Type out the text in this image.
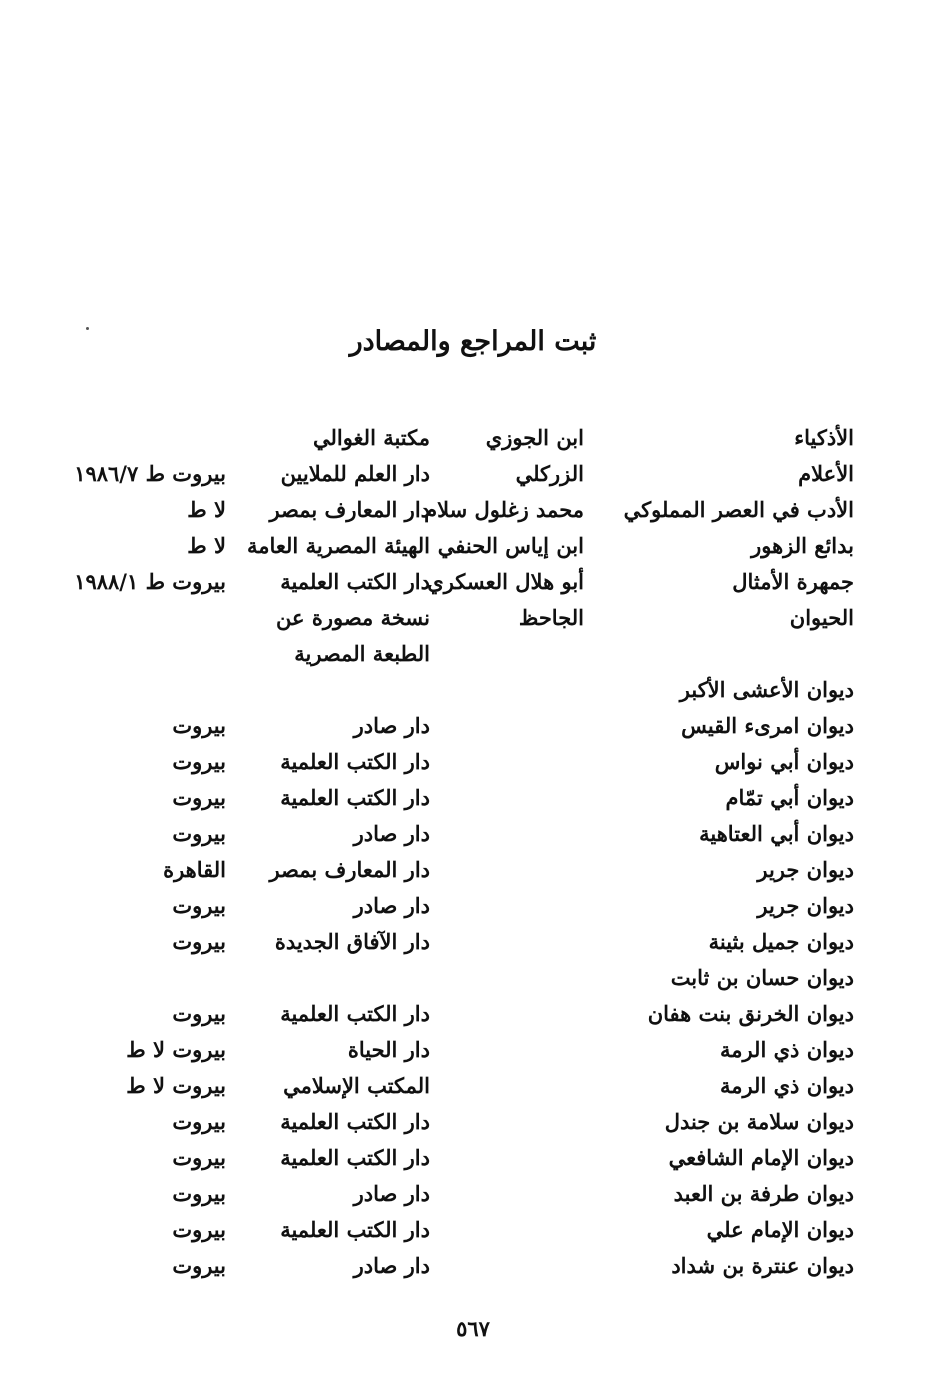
ثبت المراجع والمصادر
الأذكياء
ابن الجوزي
مكتبة الغوالي
الأعلام
الزركلي
دار العلم للملايين
بيروت ط ١٩٨٦/٧
الأدب في العصر المملوكي
محمد زغلول سلام
دار المعارف بمصر
لا ط
بدائع الزهور
ابن إياس الحنفي
الهيئة المصرية العامة
لا ط
جمهرة الأمثال
أبو هلال العسكري
دار الكتب العلمية
بيروت ط ١٩٨٨/١
الحيوان
الجاحظ
نسخة مصورة عن
الطبعة المصرية
ديوان الأعشى الأكبر
ديوان امرىء القيس
دار صادر
بيروت
ديوان أبي نواس
دار الكتب العلمية
بيروت
ديوان أبي تمّام
دار الكتب العلمية
بيروت
ديوان أبي العتاهية
دار صادر
بيروت
ديوان جرير
دار المعارف بمصر
القاهرة
ديوان جرير
دار صادر
بيروت
ديوان جميل بثينة
دار الآفاق الجديدة
بيروت
ديوان حسان بن ثابت
ديوان الخرنق بنت هفان
دار الكتب العلمية
بيروت
ديوان ذي الرمة
دار الحياة
بيروت لا ط
ديوان ذي الرمة
المكتب الإسلامي
بيروت لا ط
ديوان سلامة بن جندل
دار الكتب العلمية
بيروت
ديوان الإمام الشافعي
دار الكتب العلمية
بيروت
ديوان طرفة بن العبد
دار صادر
بيروت
ديوان الإمام علي
دار الكتب العلمية
بيروت
ديوان عنترة بن شداد
دار صادر
بيروت
٥٦٧
